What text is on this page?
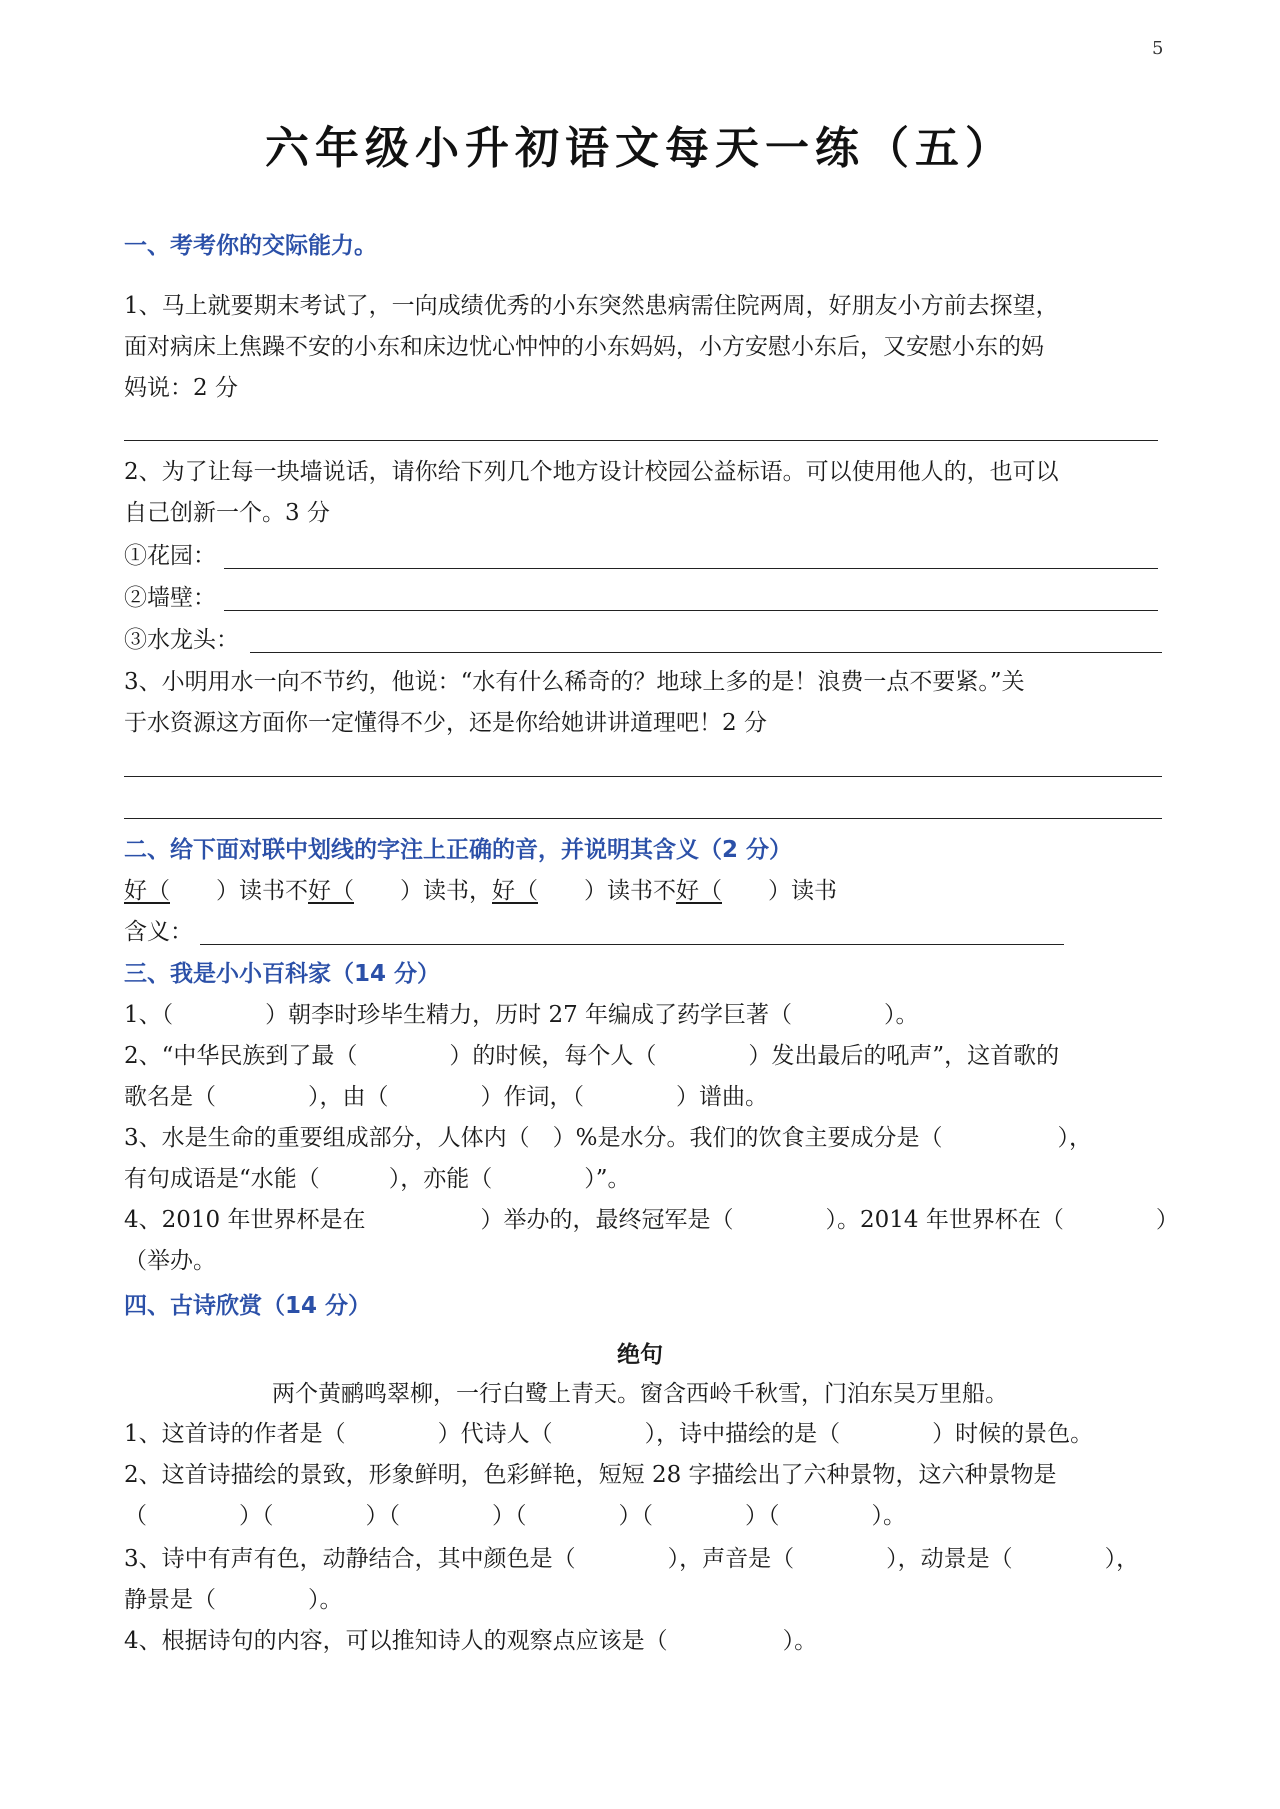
5
六年级小升初语文每天一练（五）
一、考考你的交际能力。
1、马上就要期末考试了，一向成绩优秀的小东突然患病需住院两周，好朋友小方前去探望，
面对病床上焦躁不安的小东和床边忧心忡忡的小东妈妈，小方安慰小东后，又安慰小东的妈
妈说：2 分
2、为了让每一块墙说话，请你给下列几个地方设计校园公益标语。可以使用他人的，也可以
自己创新一个。3 分
①花园：
②墙壁：
③水龙头：
3、小明用水一向不节约，他说：“水有什么稀奇的？地球上多的是！浪费一点不要紧。”关
于水资源这方面你一定懂得不少，还是你给她讲讲道理吧！2 分
二、给下面对联中划线的字注上正确的音，并说明其含义（2 分）
好（ ）读书不好（ ）读书，好（ ）读书不好（ ）读书
含义：
三、我是小小百科家（14 分）
1、（　　　　）朝李时珍毕生精力，历时 27 年编成了药学巨著（　　　　）。
2、“中华民族到了最（　　　　）的时候，每个人（　　　　）发出最后的吼声”，这首歌的
歌名是（　　　　），由（　　　　）作词，（　　　　）谱曲。
3、水是生命的重要组成部分，人体内（　）%是水分。我们的饮食主要成分是（　　　　　），
有句成语是“水能（　　　），亦能（　　　　）”。
4、2010 年世界杯是在　　　　　）举办的，最终冠军是（　　　　）。2014 年世界杯在（　　　　）
（举办。
四、古诗欣赏（14 分）
绝句
两个黄鹂鸣翠柳，一行白鹭上青天。窗含西岭千秋雪，门泊东吴万里船。
1、这首诗的作者是（　　　　）代诗人（　　　　），诗中描绘的是（　　　　）时候的景色。
2、这首诗描绘的景致，形象鲜明，色彩鲜艳，短短 28 字描绘出了六种景物，这六种景物是
（　　　　）（　　　　）（　　　　）（　　　　）（　　　　）（　　　　）。
3、诗中有声有色，动静结合，其中颜色是（　　　　），声音是（　　　　），动景是（　　　　），
静景是（　　　　）。
4、根据诗句的内容，可以推知诗人的观察点应该是（　　　　　）。
